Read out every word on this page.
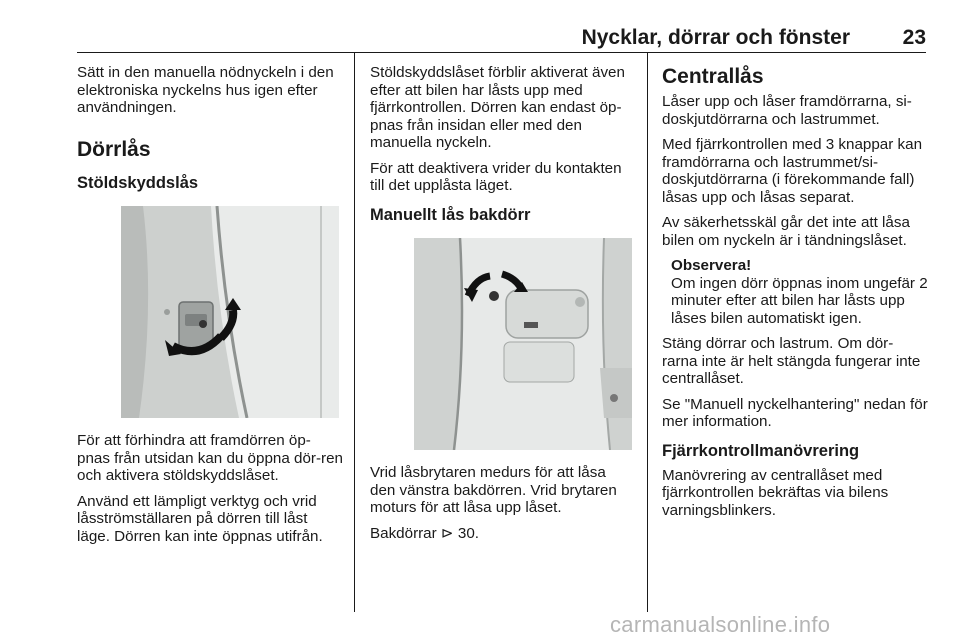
Nycklar, dörrar och fönster	23

Sätt in den manuella nödnyckeln i den elektroniska nyckelns hus igen efter användningen.

Dörrlås
Stöldskyddslås

För att förhindra att framdörren öp-pnas från utsidan kan du öppna dör-ren och aktivera stöldskyddslåset.

Använd ett lämpligt verktyg och vrid låsströmställaren på dörren till låst läge. Dörren kan inte öppnas utifrån.

Stöldskyddslåset förblir aktiverat även efter att bilen har låsts upp med fjärrkontrollen. Dörren kan endast öp-pnas från insidan eller med den manuella nyckeln.

För att deaktivera vrider du kontakten till det upplåsta läget.

Manuellt lås bakdörr

Vrid låsbrytaren medurs för att låsa den vänstra bakdörren. Vrid brytaren moturs för att låsa upp låset.

Bakdörrar ⊳ 30.

Centrallås

Låser upp och låser framdörrarna, si-doskjutdörrarna och lastrummet.

Med fjärrkontrollen med 3 knappar kan framdörrarna och lastrummet/si-doskjutdörrarna (i förekommande fall) låsas upp och låsas separat.

Av säkerhetsskäl går det inte att låsa bilen om nyckeln är i tändningslåset.

Observera!

Om ingen dörr öppnas inom ungefär 2 minuter efter att bilen har låsts upp låses bilen automatiskt igen.

Stäng dörrar och lastrum. Om dör-rarna inte är helt stängda fungerar inte centrallåset.

Se "Manuell nyckelhantering" nedan för mer information.

Fjärrkontrollmanövrering

Manövrering av centrallåset med fjärrkontrollen bekräftas via bilens varningsblinkers.

carmanualsonline.info
